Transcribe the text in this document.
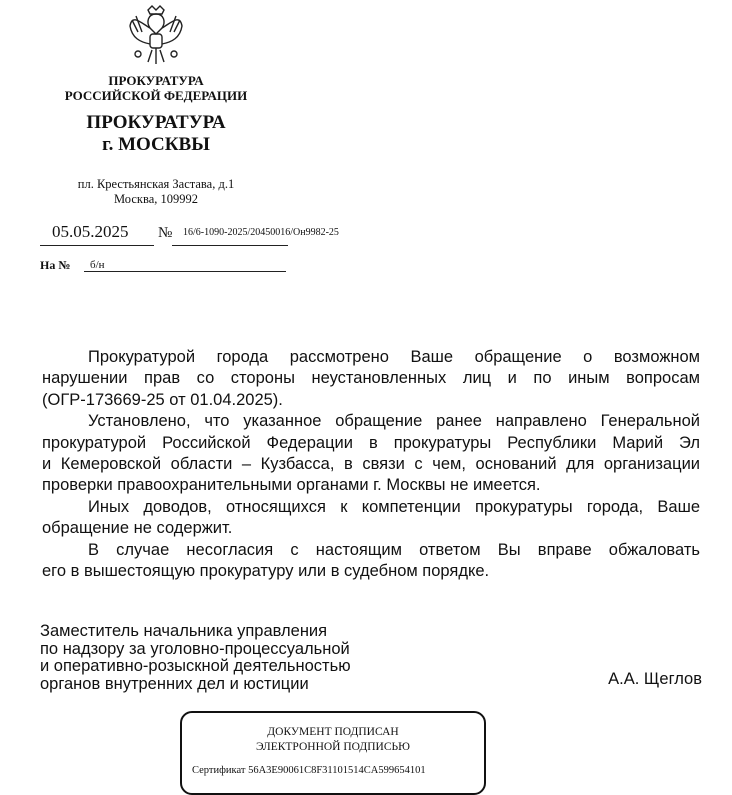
ПРОКУРАТУРА
РОССИЙСКОЙ ФЕДЕРАЦИИ
ПРОКУРАТУРА
г. МОСКВЫ
пл. Крестьянская Застава, д.1
Москва, 109992
05.05.2025 № 16/6-1090-2025/20450016/Он9982-25
На № б/н
Прокуратурой города рассмотрено Ваше обращение о возможном
нарушении прав со стороны неустановленных лиц и по иным вопросам
(ОГР-173669-25 от 01.04.2025).
Установлено, что указанное обращение ранее направлено Генеральной
прокуратурой Российской Федерации в прокуратуры Республики Марий Эл
и Кемеровской области – Кузбасса, в связи с чем, оснований для организации
проверки правоохранительными органами г. Москвы не имеется.
Иных доводов, относящихся к компетенции прокуратуры города, Ваше
обращение не содержит.
В случае несогласия с настоящим ответом Вы вправе обжаловать
его в вышестоящую прокуратуру или в судебном порядке.
Заместитель начальника управления
по надзору за уголовно-процессуальной
и оперативно-розыскной деятельностью
органов внутренних дел и юстиции	А.А. Щеглов
ДОКУМЕНТ ПОДПИСАН
ЭЛЕКТРОННОЙ ПОДПИСЬЮ
Сертификат 56A3E90061C8F31101514CA599654101
